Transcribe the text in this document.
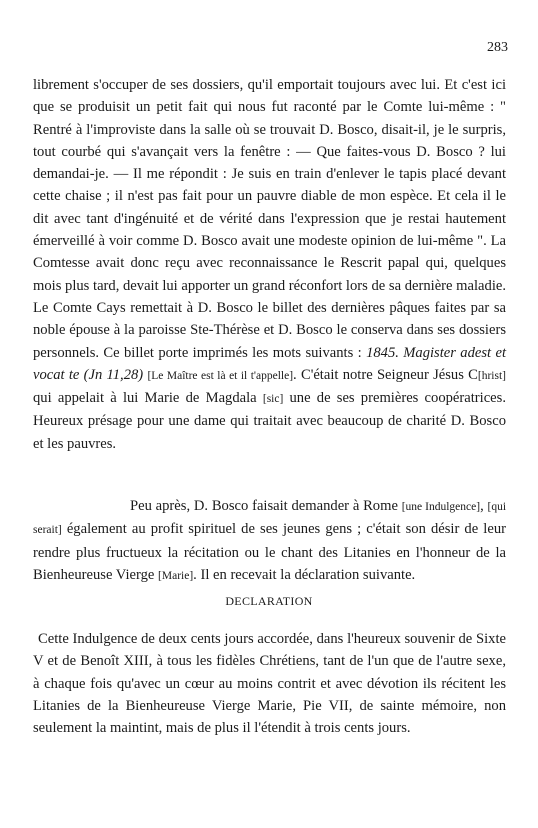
283

librement s'occuper de ses dossiers, qu'il emportait toujours avec lui. Et c'est ici que se produisit un petit fait qui nous fut raconté par le Comte lui-même : " Rentré à l'improviste dans la salle où se trouvait D. Bosco, disait-il, je le surpris, tout courbé qui s'avançait vers la fenêtre : — Que faites-vous D. Bosco ? lui demandai-je. — Il me répondit : Je suis en train d'enlever le tapis placé devant cette chaise ; il n'est pas fait pour un pauvre diable de mon espèce. Et cela il le dit avec tant d'ingénuité et de vérité dans l'expression que je restai hautement émerveillé à voir comme D. Bosco avait une modeste opinion de lui-même ". La Comtesse avait donc reçu avec reconnaissance le Rescrit papal qui, quelques mois plus tard, devait lui apporter un grand réconfort lors de sa dernière maladie. Le Comte Cays remettait à D. Bosco le billet des dernières pâques faites par sa noble épouse à la paroisse Ste-Thérèse et D. Bosco le conserva dans ses dossiers personnels. Ce billet porte imprimés les mots suivants : 1845. Magister adest et vocat te (Jn 11,28) [Le Maître est là et il t'appelle]. C'était notre Seigneur Jésus C[hrist] qui appelait à lui Marie de Magdala [sic] une de ses premières coopératrices. Heureux présage pour une dame qui traitait avec beaucoup de charité D. Bosco et les pauvres.

Peu après, D. Bosco faisait demander à Rome [une Indulgence], [qui serait] également au profit spirituel de ses jeunes gens ; c'était son désir de leur rendre plus fructueux la récitation ou le chant des Litanies en l'honneur de la Bienheureuse Vierge [Marie]. Il en recevait la déclaration suivante.

DECLARATION

Cette Indulgence de deux cents jours accordée, dans l'heureux souvenir de Sixte V et de Benoît XIII, à tous les fidèles Chrétiens, tant de l'un que de l'autre sexe, à chaque fois qu'avec un cœur au moins contrit et avec dévotion ils récitent les Litanies de la Bienheureuse Vierge Marie, Pie VII, de sainte mémoire, non seulement la maintint, mais de plus il l'étendit à trois cents jours.
